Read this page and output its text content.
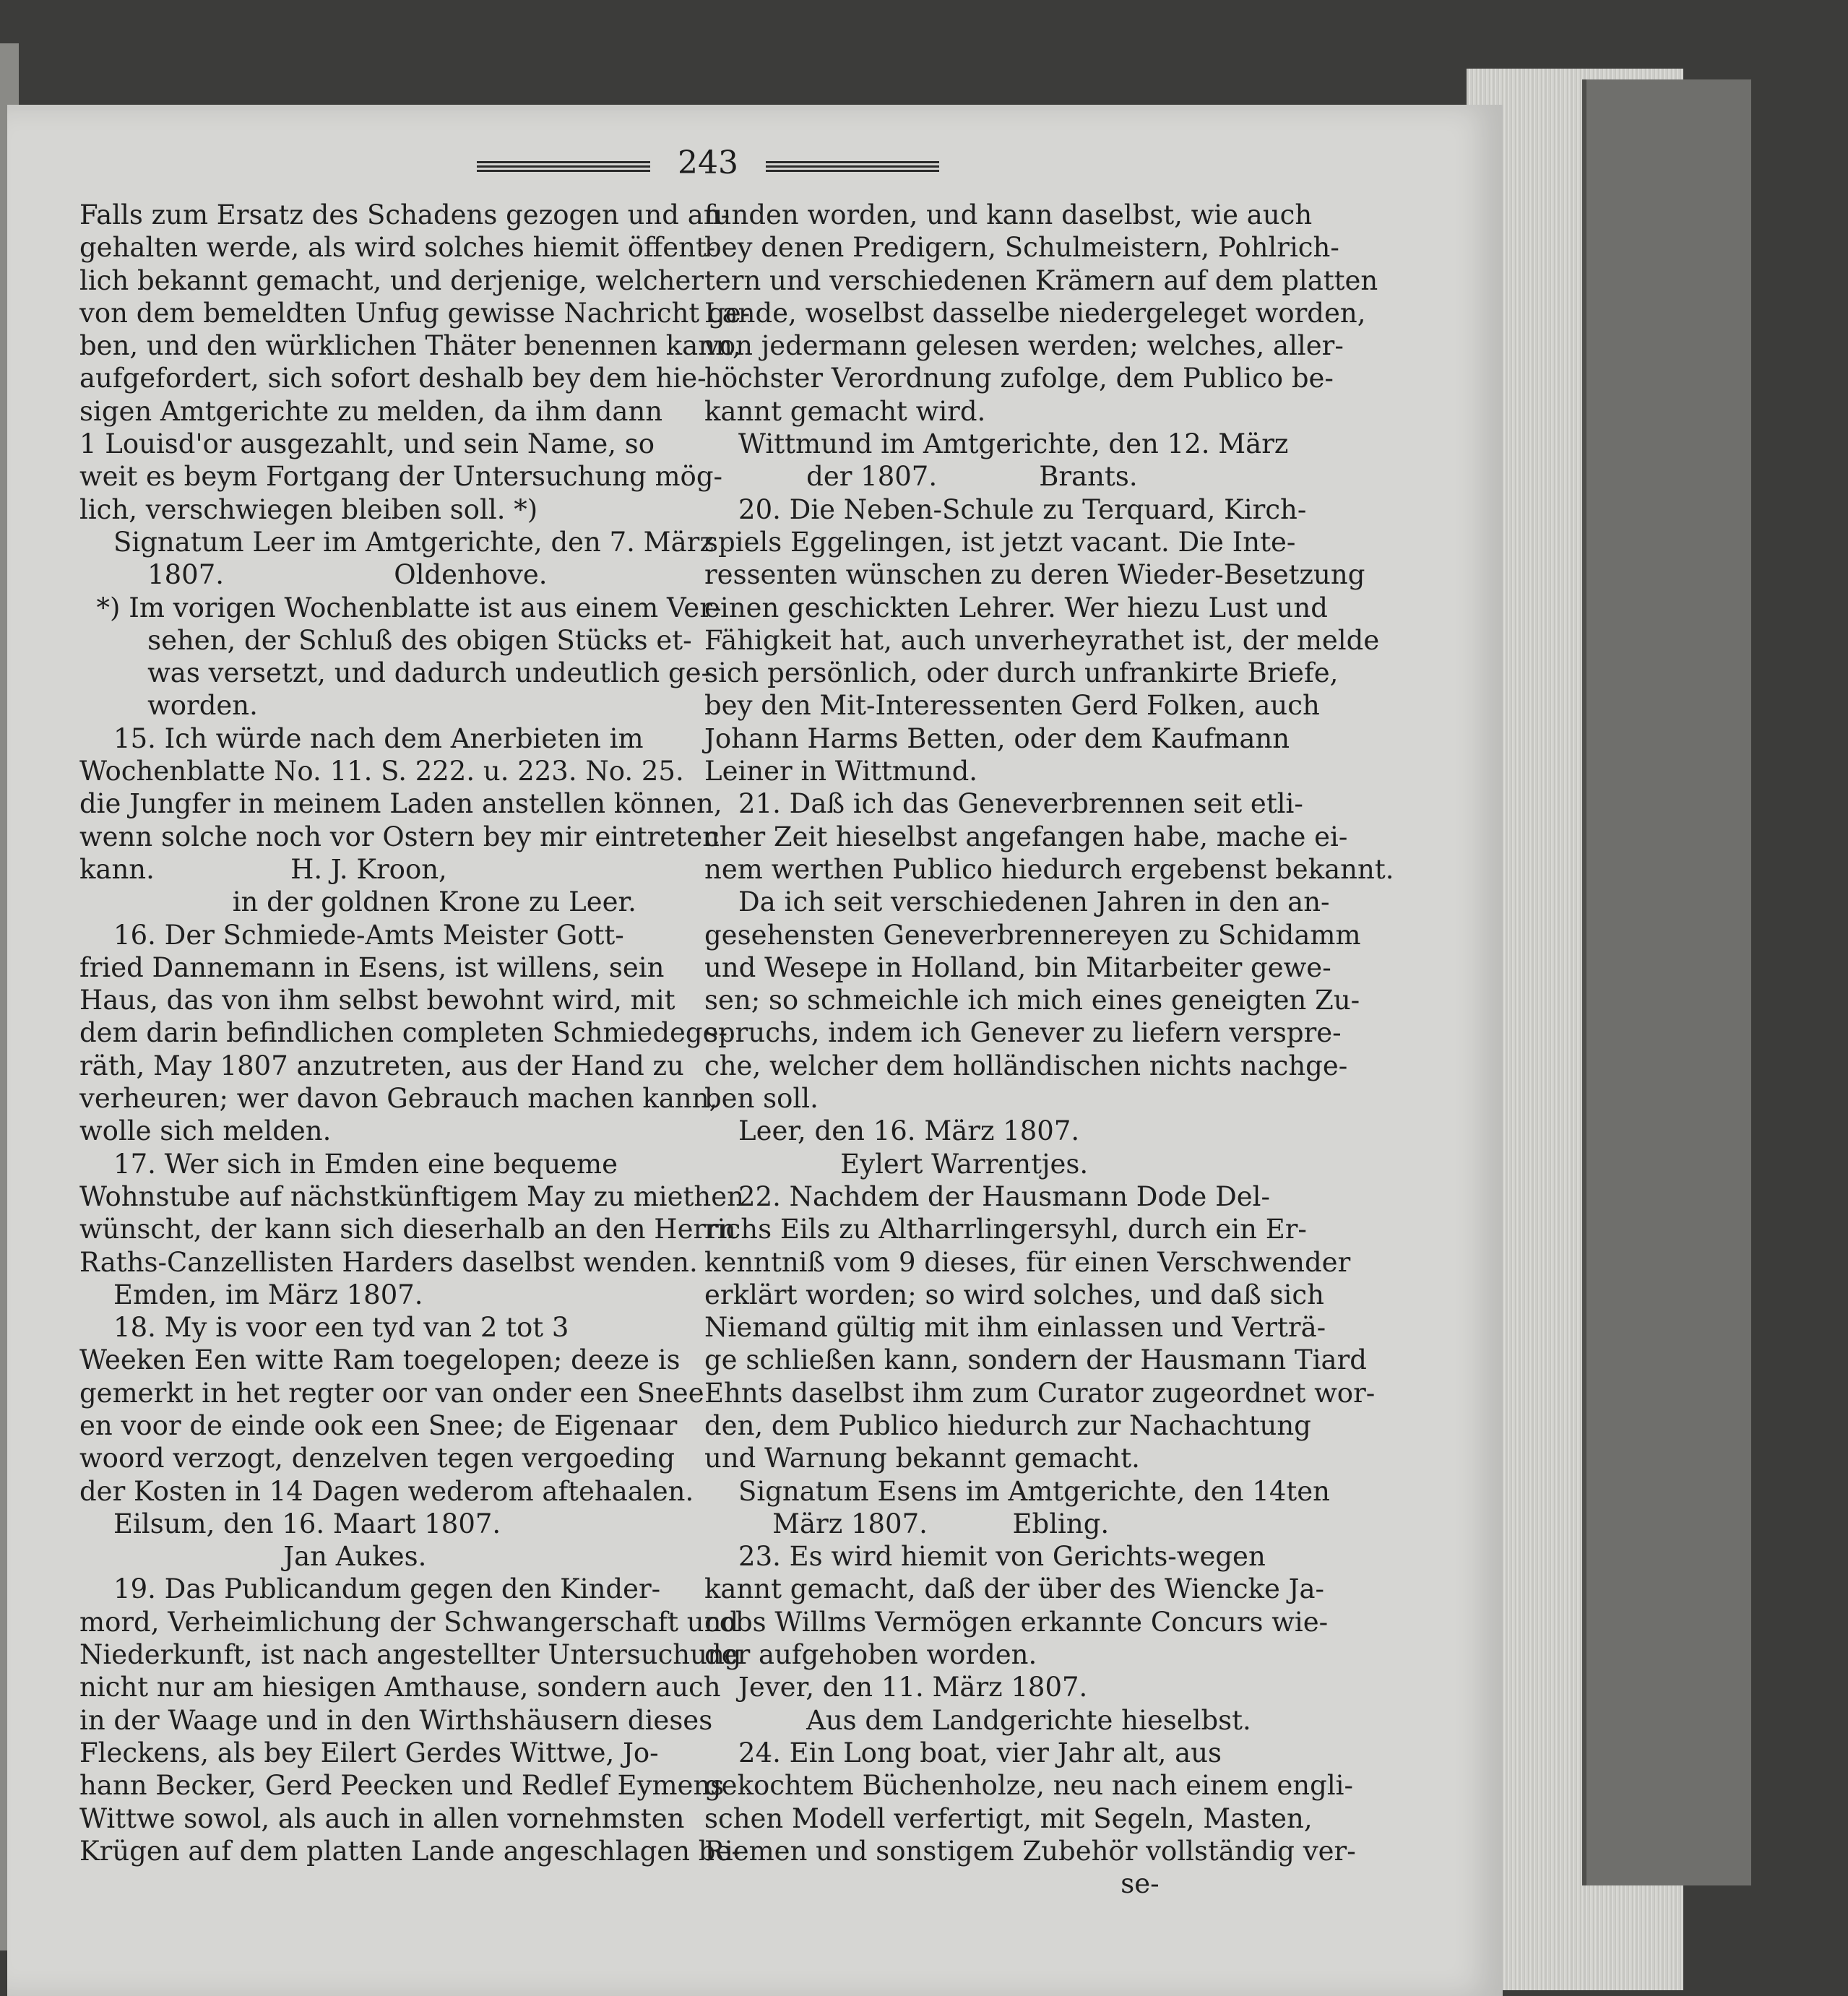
243
Falls zum Ersatz des Schadens gezogen und an-
gehalten werde, als wird solches hiemit öffent-
lich bekannt gemacht, und derjenige, welcher
von dem bemeldten Unfug gewisse Nachricht ge-
ben, und den würklichen Thäter benennen kann,
aufgefordert, sich sofort deshalb bey dem hie-
sigen Amtgerichte zu melden, da ihm dann
1 Louisd'or ausgezahlt, und sein Name, so
weit es beym Fortgang der Untersuchung mög-
lich, verschwiegen bleiben soll. *)
Signatum Leer im Amtgerichte, den 7. März
1807.                    Oldenhove.
*) Im vorigen Wochenblatte ist aus einem Ver-
sehen, der Schluß des obigen Stücks et-
was versetzt, und dadurch undeutlich ge-
worden.
15. Ich würde nach dem Anerbieten im
Wochenblatte No. 11. S. 222. u. 223. No. 25.
die Jungfer in meinem Laden anstellen können,
wenn solche noch vor Ostern bey mir eintreten
kann.                H. J. Kroon,
in der goldnen Krone zu Leer.
16. Der Schmiede-Amts Meister Gott-
fried Dannemann in Esens, ist willens, sein
Haus, das von ihm selbst bewohnt wird, mit
dem darin befindlichen completen Schmiedege-
räth, May 1807 anzutreten, aus der Hand zu
verheuren; wer davon Gebrauch machen kann,
wolle sich melden.
17. Wer sich in Emden eine bequeme
Wohnstube auf nächstkünftigem May zu miethen
wünscht, der kann sich dieserhalb an den Herrn
Raths-Canzellisten Harders daselbst wenden.
Emden, im März 1807.
18. My is voor een tyd van 2 tot 3
Weeken Een witte Ram toegelopen; deeze is
gemerkt in het regter oor van onder een Snee
en voor de einde ook een Snee; de Eigenaar
woord verzogt, denzelven tegen vergoeding
der Kosten in 14 Dagen wederom aftehaalen.
Eilsum, den 16. Maart 1807.
Jan Aukes.
19. Das Publicandum gegen den Kinder-
mord, Verheimlichung der Schwangerschaft und
Niederkunft, ist nach angestellter Untersuchung
nicht nur am hiesigen Amthause, sondern auch
in der Waage und in den Wirthshäusern dieses
Fleckens, als bey Eilert Gerdes Wittwe, Jo-
hann Becker, Gerd Peecken und Redlef Eymens
Wittwe sowol, als auch in allen vornehmsten
Krügen auf dem platten Lande angeschlagen be-
funden worden, und kann daselbst, wie auch
bey denen Predigern, Schulmeistern, Pohlrich-
tern und verschiedenen Krämern auf dem platten
Lande, woselbst dasselbe niedergeleget worden,
von jedermann gelesen werden; welches, aller-
höchster Verordnung zufolge, dem Publico be-
kannt gemacht wird.
Wittmund im Amtgerichte, den 12. März
der 1807.            Brants.
20. Die Neben-Schule zu Terquard, Kirch-
spiels Eggelingen, ist jetzt vacant. Die Inte-
ressenten wünschen zu deren Wieder-Besetzung
einen geschickten Lehrer. Wer hiezu Lust und
Fähigkeit hat, auch unverheyrathet ist, der melde
sich persönlich, oder durch unfrankirte Briefe,
bey den Mit-Interessenten Gerd Folken, auch
Johann Harms Betten, oder dem Kaufmann
Leiner in Wittmund.
21. Daß ich das Geneverbrennen seit etli-
cher Zeit hieselbst angefangen habe, mache ei-
nem werthen Publico hiedurch ergebenst bekannt.
Da ich seit verschiedenen Jahren in den an-
gesehensten Geneverbrennereyen zu Schidamm
und Wesepe in Holland, bin Mitarbeiter gewe-
sen; so schmeichle ich mich eines geneigten Zu-
spruchs, indem ich Genever zu liefern verspre-
che, welcher dem holländischen nichts nachge-
ben soll.
Leer, den 16. März 1807.
Eylert Warrentjes.
22. Nachdem der Hausmann Dode Del-
richs Eils zu Altharrlingersyhl, durch ein Er-
kenntniß vom 9 dieses, für einen Verschwender
erklärt worden; so wird solches, und daß sich
Niemand gültig mit ihm einlassen und Verträ-
ge schließen kann, sondern der Hausmann Tiard
Ehnts daselbst ihm zum Curator zugeordnet wor-
den, dem Publico hiedurch zur Nachachtung
und Warnung bekannt gemacht.
Signatum Esens im Amtgerichte, den 14ten
März 1807.          Ebling.
23. Es wird hiemit von Gerichts-wegen
kannt gemacht, daß der über des Wiencke Ja-
cobs Willms Vermögen erkannte Concurs wie-
der aufgehoben worden.
Jever, den 11. März 1807.
Aus dem Landgerichte hieselbst.
24. Ein Long boat, vier Jahr alt, aus
gekochtem Büchenholze, neu nach einem engli-
schen Modell verfertigt, mit Segeln, Masten,
Riemen und sonstigem Zubehör vollständig ver-
se-
